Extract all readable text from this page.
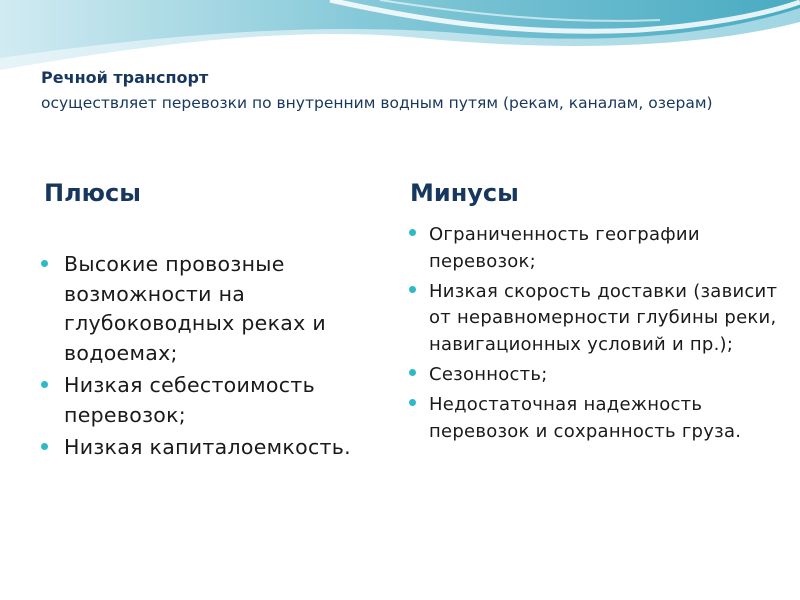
Речной транспорт

осуществляет перевозки по внутренним водным путям (рекам, каналам, озерам)

Плюсы	Минусы
Высокие провозные возможности на глубоководных реках и водоемах;
Низкая себестоимость перевозок;
Низкая капиталоемкость.
Ограниченность географии перевозок;
Низкая скорость доставки (зависит от неравномерности глубины реки, навигационных условий и пр.);
Сезонность;
Недостаточная надежность перевозок и сохранность груза.
